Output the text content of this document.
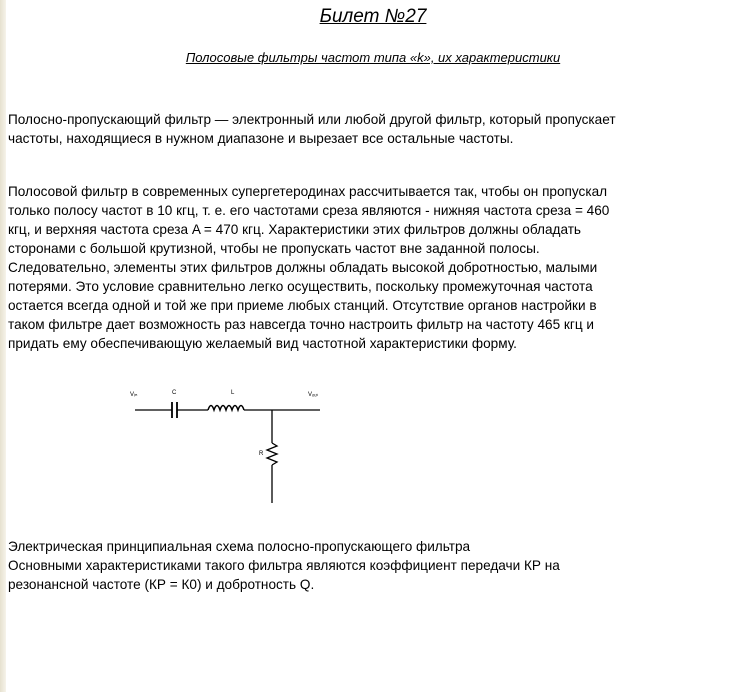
Билет №27
Полосовые фильтры частот типа «k», их характеристики

Полосно-пропускающий фильтр — электронный или любой другой фильтр, который пропускает
частоты, находящиеся в нужном диапазоне и вырезает все остальные частоты.

Полосовой фильтр в современных супергетеродинах рассчитывается так, чтобы он пропускал
только полосу частот в 10 кгц, т. е. его частотами среза являются - нижняя частота среза = 460
кгц, и верхняя частота среза A = 470 кгц. Характеристики этих фильтров должны обладать
сторонами с большой крутизной, чтобы не пропускать частот вне заданной полосы.
Следовательно, элементы этих фильтров должны обладать высокой добротностью, малыми
потерями. Это условие сравнительно легко осуществить, поскольку промежуточная частота
остается всегда одной и той же при приеме любых станций. Отсутствие органов настройки в
таком фильтре дает возможность раз навсегда точно настроить фильтр на частоту 465 кгц и
придать ему обеспечивающую желаемый вид частотной характеристики форму.

Vᵢₙ	C	L	Vₒᵤₜ
R

Электрическая принципиальная схема полосно-пропускающего фильтра
Основными характеристиками такого фильтра являются коэффициент передачи КР на
резонансной частоте (КР = К0) и добротность Q.
